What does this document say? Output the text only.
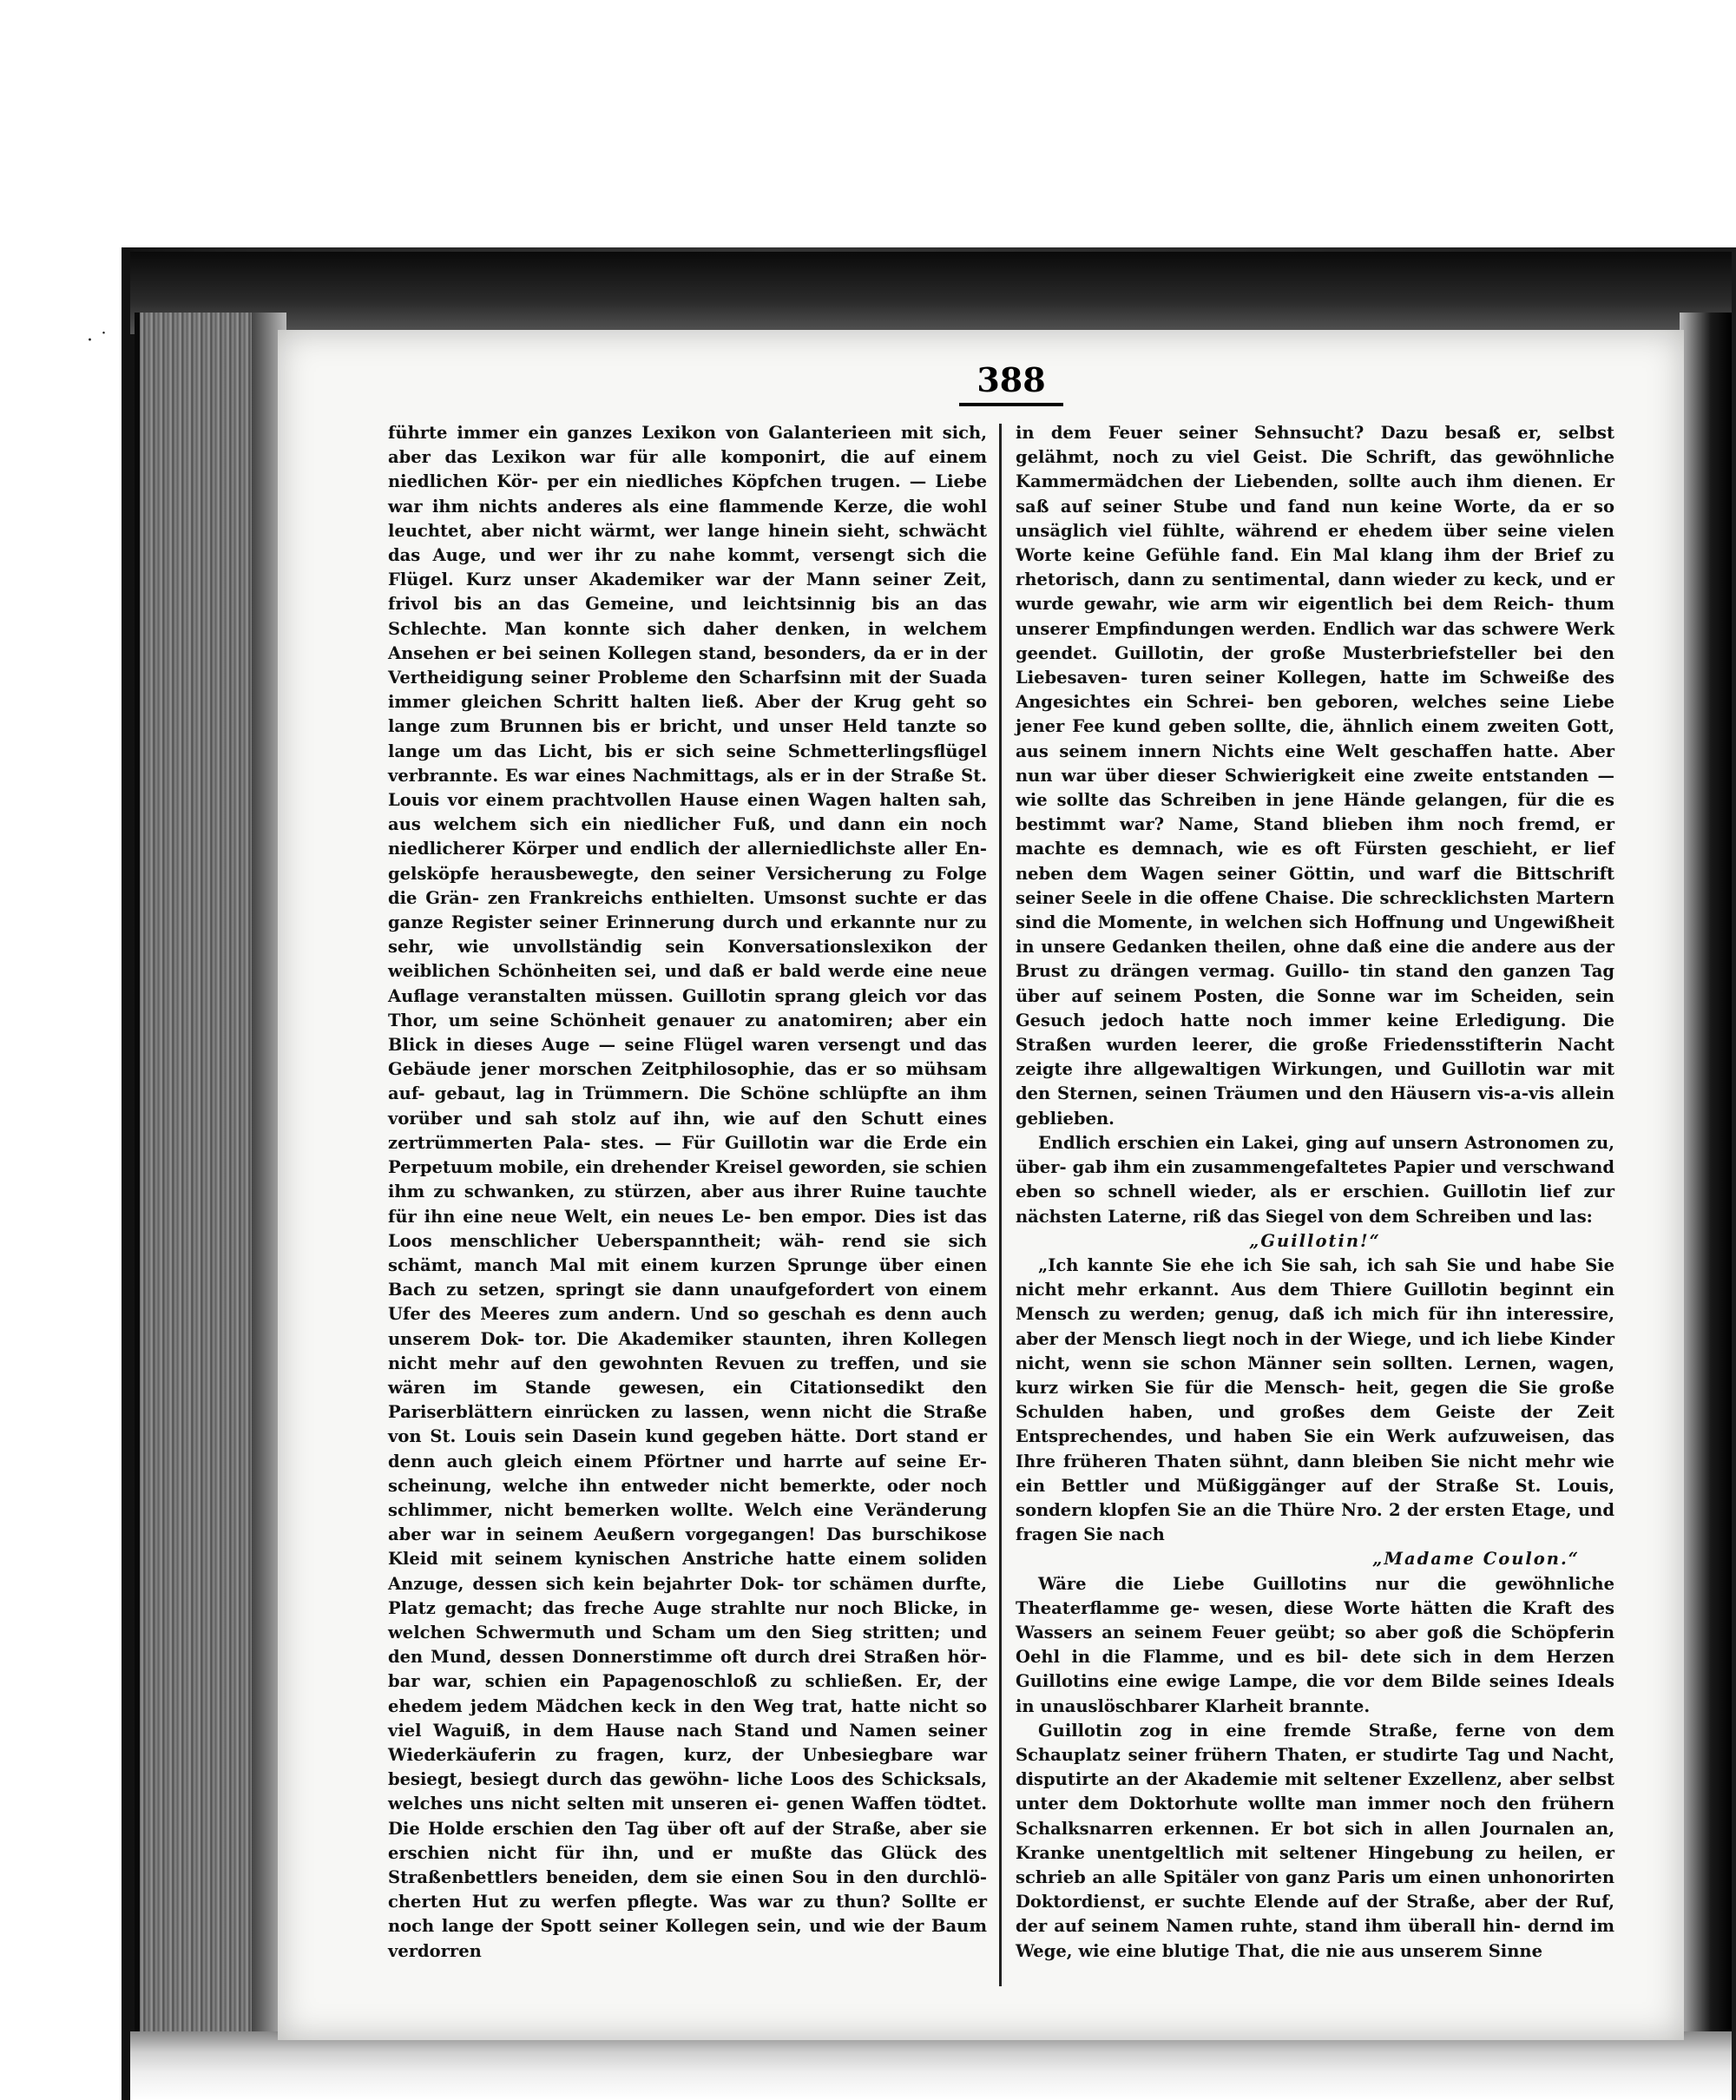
· ˙
388

führte immer ein ganzes Lexikon von Galanterieen mit sich, aber das Lexikon war für alle komponirt, die auf einem niedlichen Kör- per ein niedliches Köpfchen trugen. — Liebe war ihm nichts anderes als eine flammende Kerze, die wohl leuchtet, aber nicht wärmt, wer lange hinein sieht, schwächt das Auge, und wer ihr zu nahe kommt, versengt sich die Flügel. Kurz unser Akademiker war der Mann seiner Zeit, frivol bis an das Gemeine, und leichtsinnig bis an das Schlechte. Man konnte sich daher denken, in welchem Ansehen er bei seinen Kollegen stand, besonders, da er in der Vertheidigung seiner Probleme den Scharfsinn mit der Suada immer gleichen Schritt halten ließ. Aber der Krug geht so lange zum Brunnen bis er bricht, und unser Held tanzte so lange um das Licht, bis er sich seine Schmetterlingsflügel verbrannte. Es war eines Nachmittags, als er in der Straße St. Louis vor einem prachtvollen Hause einen Wagen halten sah, aus welchem sich ein niedlicher Fuß, und dann ein noch niedlicherer Körper und endlich der allerniedlichste aller En- gelsköpfe herausbewegte, den seiner Versicherung zu Folge die Grän- zen Frankreichs enthielten. Umsonst suchte er das ganze Register seiner Erinnerung durch und erkannte nur zu sehr, wie unvollständig sein Konversationslexikon der weiblichen Schönheiten sei, und daß er bald werde eine neue Auflage veranstalten müssen. Guillotin sprang gleich vor das Thor, um seine Schönheit genauer zu anatomiren; aber ein Blick in dieses Auge — seine Flügel waren versengt und das Gebäude jener morschen Zeitphilosophie, das er so mühsam auf- gebaut, lag in Trümmern. Die Schöne schlüpfte an ihm vorüber und sah stolz auf ihn, wie auf den Schutt eines zertrümmerten Pala- stes. — Für Guillotin war die Erde ein Perpetuum mobile, ein drehender Kreisel geworden, sie schien ihm zu schwanken, zu stürzen, aber aus ihrer Ruine tauchte für ihn eine neue Welt, ein neues Le- ben empor. Dies ist das Loos menschlicher Ueberspanntheit; wäh- rend sie sich schämt, manch Mal mit einem kurzen Sprunge über einen Bach zu setzen, springt sie dann unaufgefordert von einem Ufer des Meeres zum andern. Und so geschah es denn auch unserem Dok- tor. Die Akademiker staunten, ihren Kollegen nicht mehr auf den gewohnten Revuen zu treffen, und sie wären im Stande gewesen, ein Citationsedikt den Pariserblättern einrücken zu lassen, wenn nicht die Straße von St. Louis sein Dasein kund gegeben hätte. Dort stand er denn auch gleich einem Pförtner und harrte auf seine Er- scheinung, welche ihn entweder nicht bemerkte, oder noch schlimmer, nicht bemerken wollte. Welch eine Veränderung aber war in seinem Aeußern vorgegangen! Das burschikose Kleid mit seinem kynischen Anstriche hatte einem soliden Anzuge, dessen sich kein bejahrter Dok- tor schämen durfte, Platz gemacht; das freche Auge strahlte nur noch Blicke, in welchen Schwermuth und Scham um den Sieg stritten; und den Mund, dessen Donnerstimme oft durch drei Straßen hör- bar war, schien ein Papagenoschloß zu schließen. Er, der ehedem jedem Mädchen keck in den Weg trat, hatte nicht so viel Waguiß, in dem Hause nach Stand und Namen seiner Wiederkäuferin zu fragen, kurz, der Unbesiegbare war besiegt, besiegt durch das gewöhn- liche Loos des Schicksals, welches uns nicht selten mit unseren ei- genen Waffen tödtet. Die Holde erschien den Tag über oft auf der Straße, aber sie erschien nicht für ihn, und er mußte das Glück des Straßenbettlers beneiden, dem sie einen Sou in den durchlö- cherten Hut zu werfen pflegte. Was war zu thun? Sollte er noch lange der Spott seiner Kollegen sein, und wie der Baum verdorren

in dem Feuer seiner Sehnsucht? Dazu besaß er, selbst gelähmt, noch zu viel Geist. Die Schrift, das gewöhnliche Kammermädchen der Liebenden, sollte auch ihm dienen. Er saß auf seiner Stube und fand nun keine Worte, da er so unsäglich viel fühlte, während er ehedem über seine vielen Worte keine Gefühle fand. Ein Mal klang ihm der Brief zu rhetorisch, dann zu sentimental, dann wieder zu keck, und er wurde gewahr, wie arm wir eigentlich bei dem Reich- thum unserer Empfindungen werden. Endlich war das schwere Werk geendet. Guillotin, der große Musterbriefsteller bei den Liebesaven- turen seiner Kollegen, hatte im Schweiße des Angesichtes ein Schrei- ben geboren, welches seine Liebe jener Fee kund geben sollte, die, ähnlich einem zweiten Gott, aus seinem innern Nichts eine Welt geschaffen hatte. Aber nun war über dieser Schwierigkeit eine zweite entstanden — wie sollte das Schreiben in jene Hände gelangen, für die es bestimmt war? Name, Stand blieben ihm noch fremd, er machte es demnach, wie es oft Fürsten geschieht, er lief neben dem Wagen seiner Göttin, und warf die Bittschrift seiner Seele in die offene Chaise. Die schrecklichsten Martern sind die Momente, in welchen sich Hoffnung und Ungewißheit in unsere Gedanken theilen, ohne daß eine die andere aus der Brust zu drängen vermag. Guillo- tin stand den ganzen Tag über auf seinem Posten, die Sonne war im Scheiden, sein Gesuch jedoch hatte noch immer keine Erledigung. Die Straßen wurden leerer, die große Friedensstifterin Nacht zeigte ihre allgewaltigen Wirkungen, und Guillotin war mit den Sternen, seinen Träumen und den Häusern vis-a-vis allein geblieben.

Endlich erschien ein Lakei, ging auf unsern Astronomen zu, über- gab ihm ein zusammengefaltetes Papier und verschwand eben so schnell wieder, als er erschien. Guillotin lief zur nächsten Laterne, riß das Siegel von dem Schreiben und las:

„Guillotin!“

„Ich kannte Sie ehe ich Sie sah, ich sah Sie und habe Sie nicht mehr erkannt. Aus dem Thiere Guillotin beginnt ein Mensch zu werden; genug, daß ich mich für ihn interessire, aber der Mensch liegt noch in der Wiege, und ich liebe Kinder nicht, wenn sie schon Männer sein sollten. Lernen, wagen, kurz wirken Sie für die Mensch- heit, gegen die Sie große Schulden haben, und großes dem Geiste der Zeit Entsprechendes, und haben Sie ein Werk aufzuweisen, das Ihre früheren Thaten sühnt, dann bleiben Sie nicht mehr wie ein Bettler und Müßiggänger auf der Straße St. Louis, sondern klopfen Sie an die Thüre Nro. 2 der ersten Etage, und fragen Sie nach

„Madame Coulon.“

Wäre die Liebe Guillotins nur die gewöhnliche Theaterflamme ge- wesen, diese Worte hätten die Kraft des Wassers an seinem Feuer geübt; so aber goß die Schöpferin Oehl in die Flamme, und es bil- dete sich in dem Herzen Guillotins eine ewige Lampe, die vor dem Bilde seines Ideals in unauslöschbarer Klarheit brannte.

Guillotin zog in eine fremde Straße, ferne von dem Schauplatz seiner frühern Thaten, er studirte Tag und Nacht, disputirte an der Akademie mit seltener Exzellenz, aber selbst unter dem Doktorhute wollte man immer noch den frühern Schalksnarren erkennen. Er bot sich in allen Journalen an, Kranke unentgeltlich mit seltener Hingebung zu heilen, er schrieb an alle Spitäler von ganz Paris um einen unhonorirten Doktordienst, er suchte Elende auf der Straße, aber der Ruf, der auf seinem Namen ruhte, stand ihm überall hin- dernd im Wege, wie eine blutige That, die nie aus unserem Sinne
